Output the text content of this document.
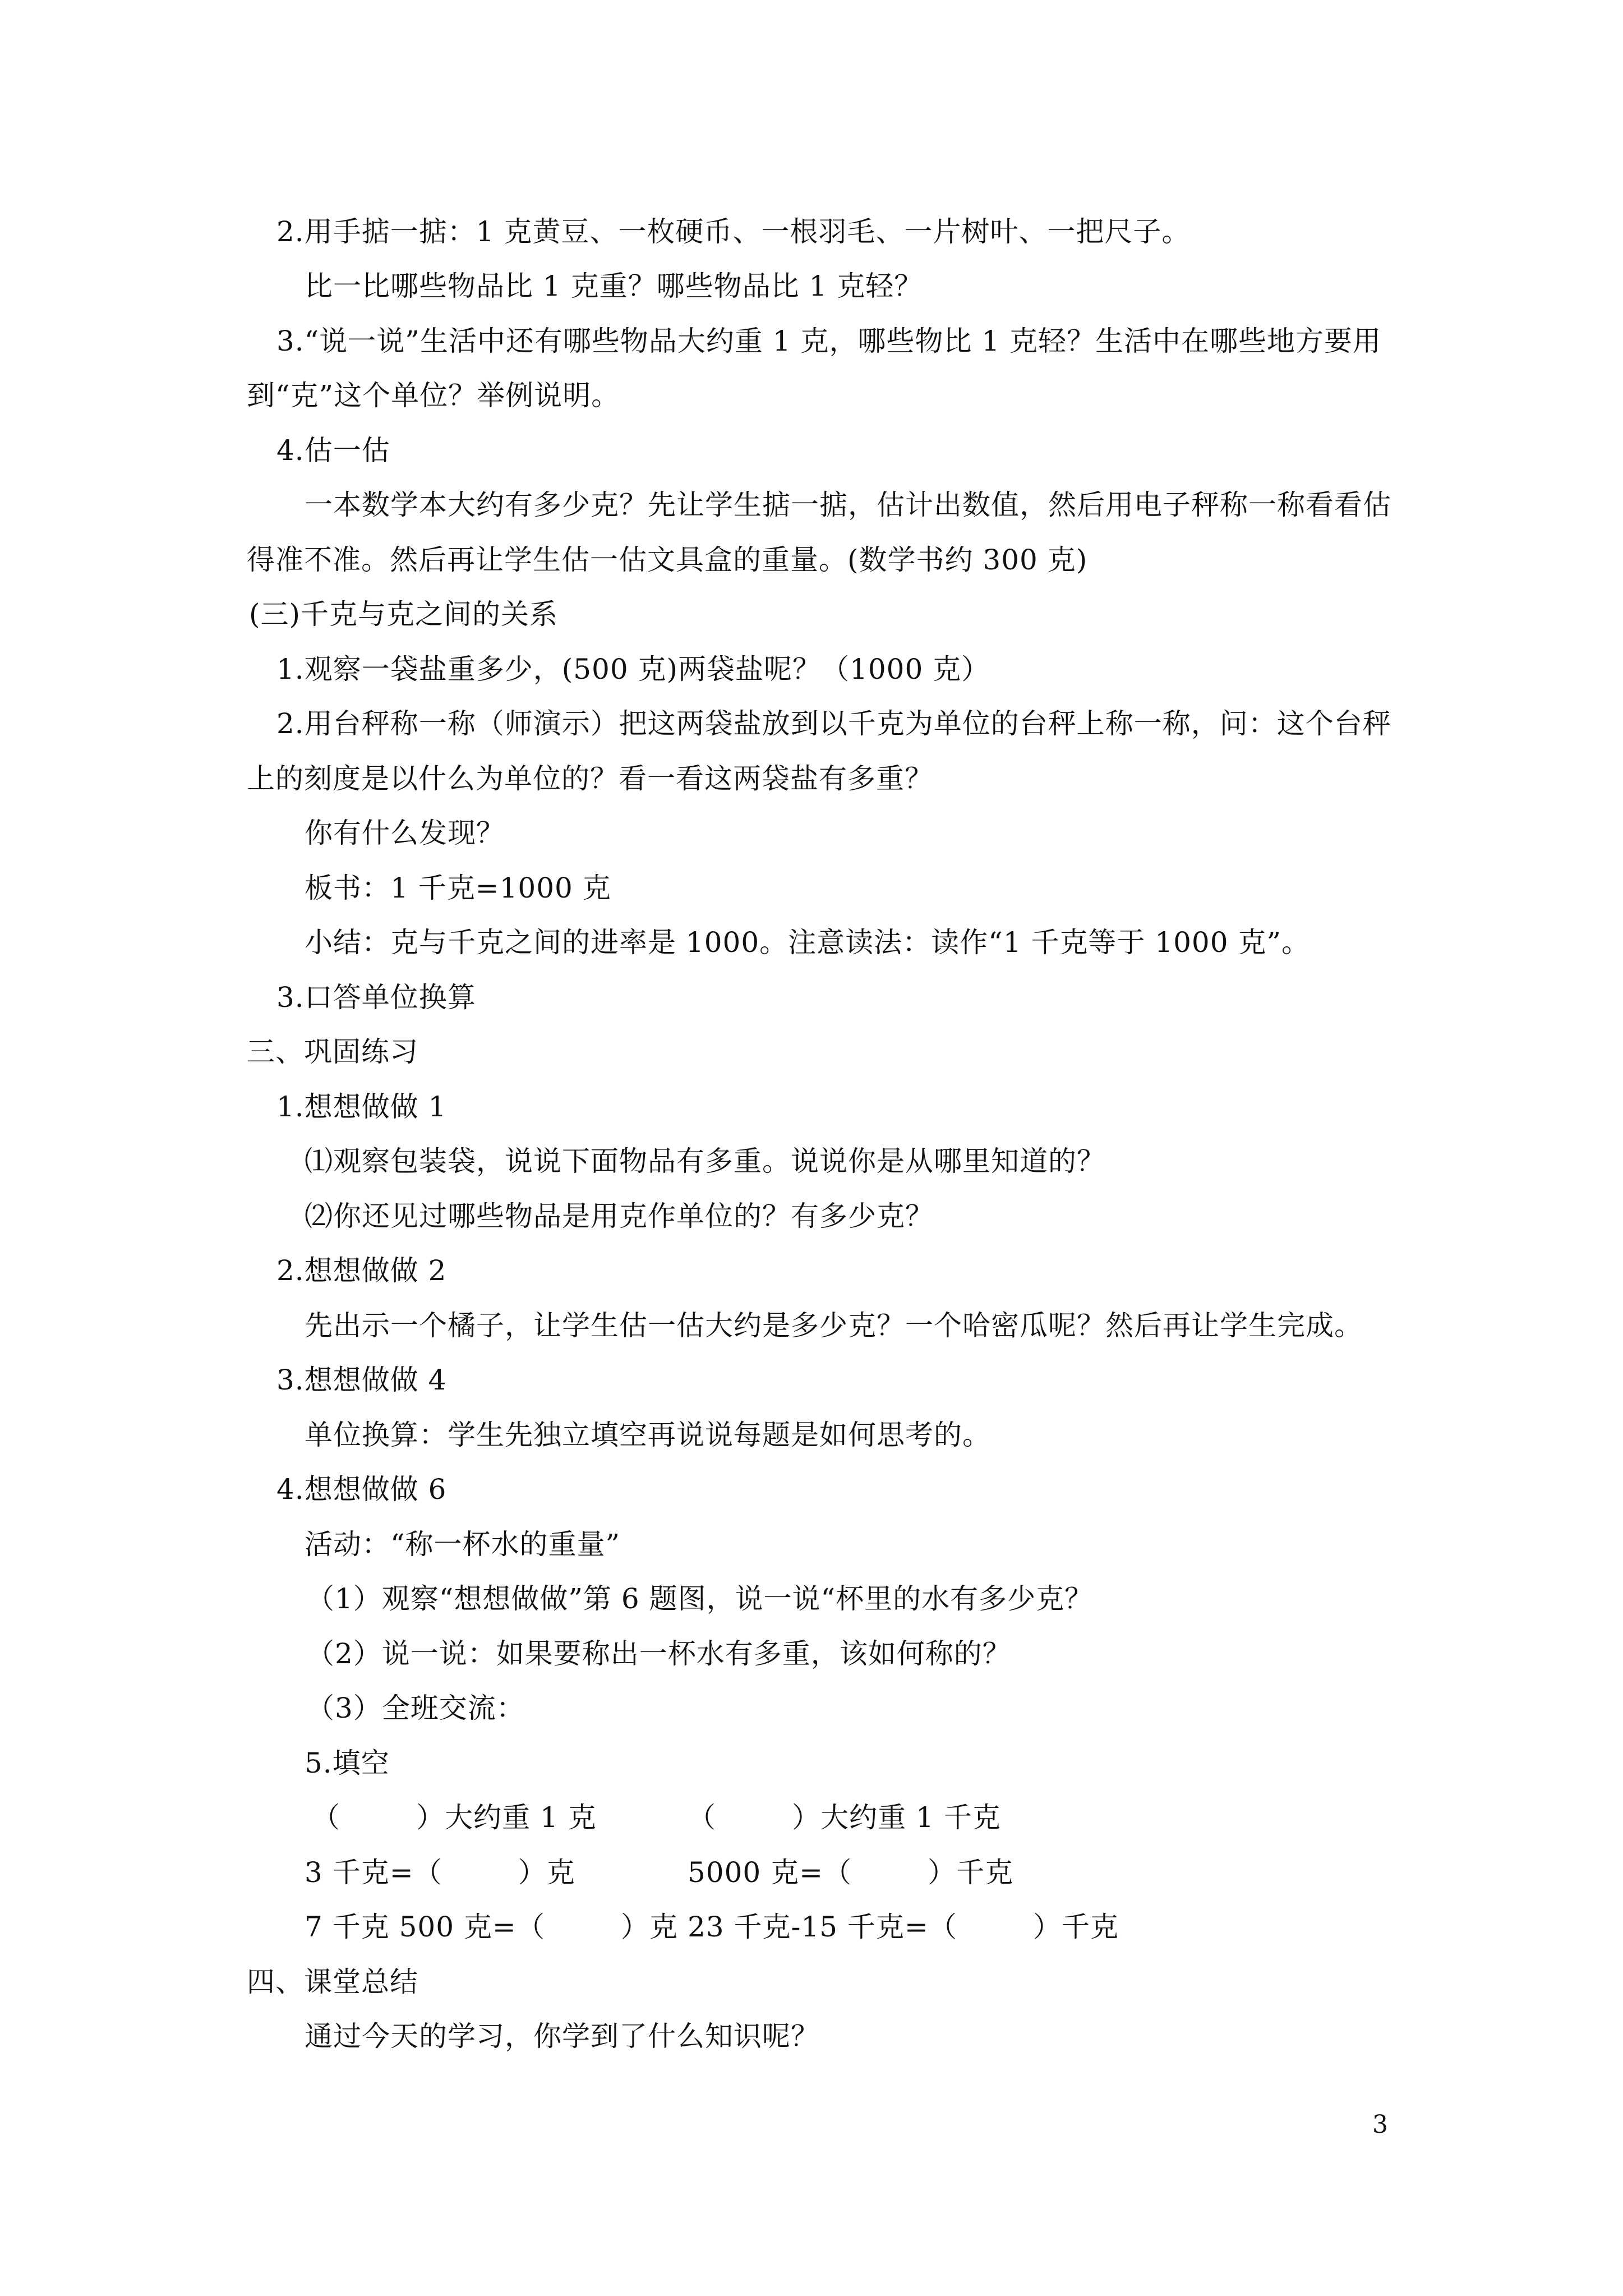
2.用手掂一掂：1 克黄豆、一枚硬币、一根羽毛、一片树叶、一把尺子。
比一比哪些物品比 1 克重？哪些物品比 1 克轻？
3.“说一说”生活中还有哪些物品大约重 1 克，哪些物比 1 克轻？生活中在哪些地方要用
到“克”这个单位？举例说明。
4.估一估
一本数学本大约有多少克？先让学生掂一掂，估计出数值，然后用电子秤称一称看看估
得准不准。然后再让学生估一估文具盒的重量。(数学书约 300 克)
(三)千克与克之间的关系
1.观察一袋盐重多少，(500 克)两袋盐呢？（1000 克）
2.用台秤称一称（师演示）把这两袋盐放到以千克为单位的台秤上称一称，问：这个台秤
上的刻度是以什么为单位的？看一看这两袋盐有多重？
你有什么发现？
板书：1 千克=1000 克
小结：克与千克之间的进率是 1000。注意读法：读作“1 千克等于 1000 克”。
3.口答单位换算
三、巩固练习
1.想想做做 1
⑴观察包装袋，说说下面物品有多重。说说你是从哪里知道的？
⑵你还见过哪些物品是用克作单位的？有多少克？
2.想想做做 2
先出示一个橘子，让学生估一估大约是多少克？一个哈密瓜呢？然后再让学生完成。
3.想想做做 4
单位换算：学生先独立填空再说说每题是如何思考的。
4.想想做做 6
活动：“称一杯水的重量”
（1）观察“想想做做”第 6 题图，说一说“杯里的水有多少克？
（2）说一说：如果要称出一杯水有多重，该如何称的？
（3）全班交流：
5.填空
（        ）大约重 1 克	（        ）大约重 1 千克
3 千克=（        ）克	5000 克=（        ）千克
7 千克 500 克=（        ）克 23 千克-15 千克=（        ）千克
四、课堂总结
通过今天的学习，你学到了什么知识呢？
3
